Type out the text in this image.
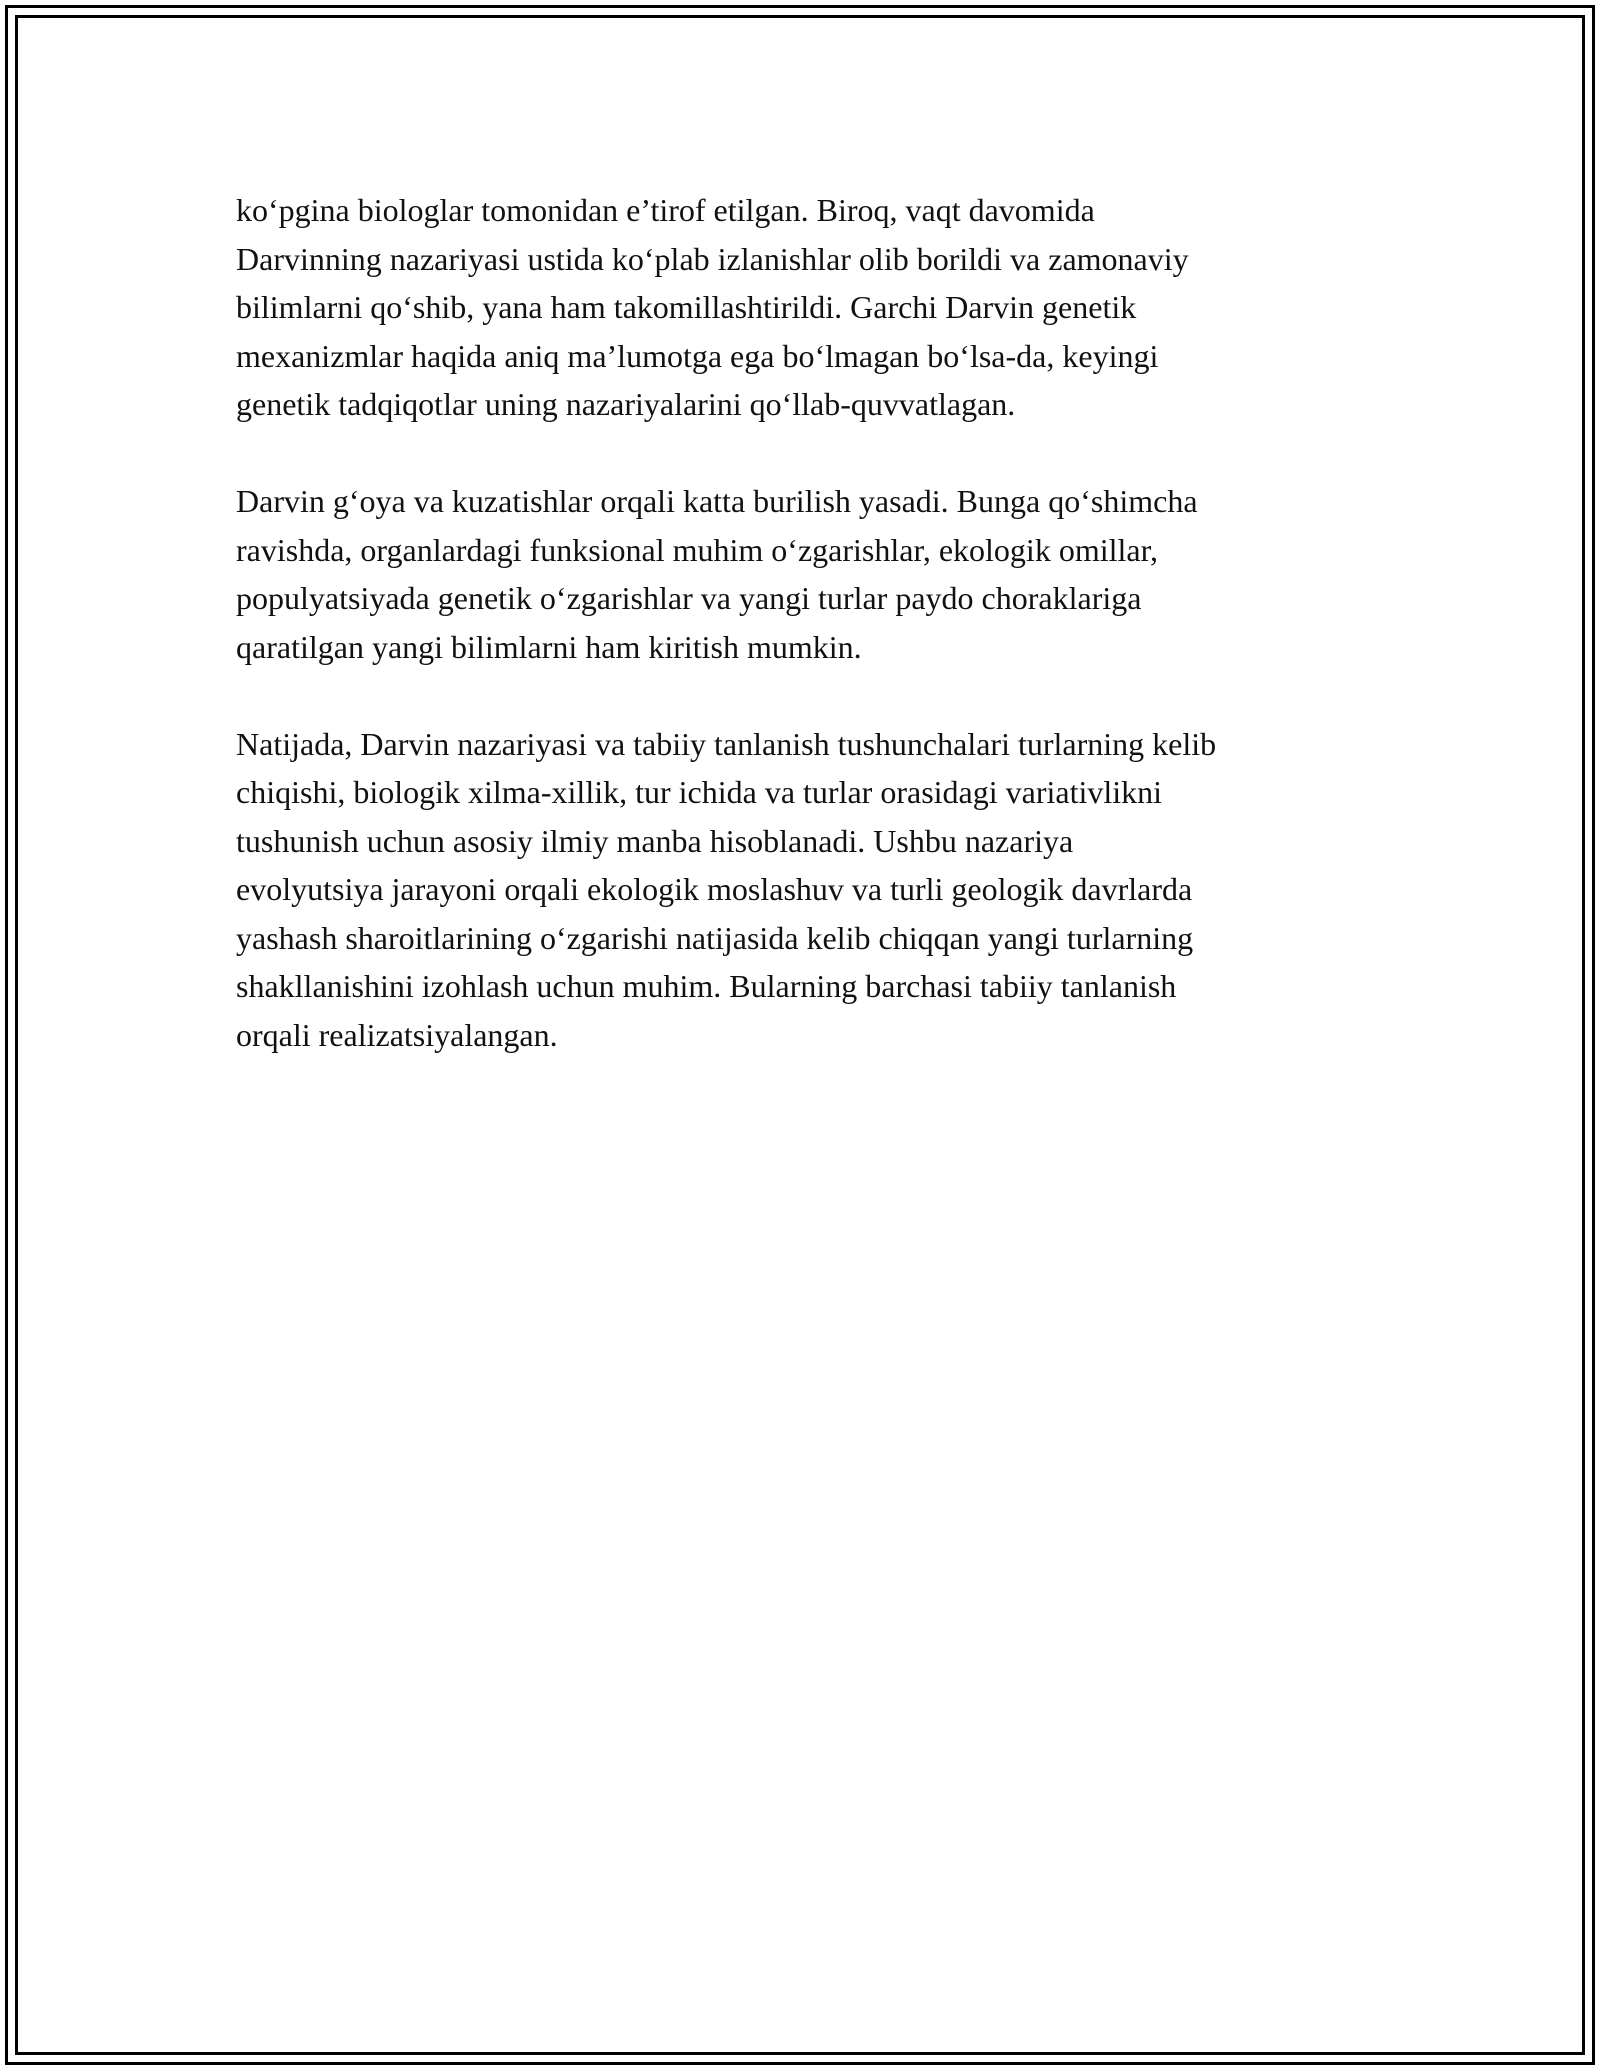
ko‘pgina biologlar tomonidan e’tirof etilgan. Biroq, vaqt davomida
Darvinning nazariyasi ustida ko‘plab izlanishlar olib borildi va zamonaviy
bilimlarni qo‘shib, yana ham takomillashtirildi. Garchi Darvin genetik
mexanizmlar haqida aniq ma’lumotga ega bo‘lmagan bo‘lsa-da, keyingi
genetik tadqiqotlar uning nazariyalarini qo‘llab-quvvatlagan.

Darvin g‘oya va kuzatishlar orqali katta burilish yasadi. Bunga qo‘shimcha
ravishda, organlardagi funksional muhim o‘zgarishlar, ekologik omillar,
populyatsiyada genetik o‘zgarishlar va yangi turlar paydo choraklariga
qaratilgan yangi bilimlarni ham kiritish mumkin.

Natijada, Darvin nazariyasi va tabiiy tanlanish tushunchalari turlarning kelib
chiqishi, biologik xilma-xillik, tur ichida va turlar orasidagi variativlikni
tushunish uchun asosiy ilmiy manba hisoblanadi. Ushbu nazariya
evolyutsiya jarayoni orqali ekologik moslashuv va turli geologik davrlarda
yashash sharoitlarining o‘zgarishi natijasida kelib chiqqan yangi turlarning
shakllanishini izohlash uchun muhim. Bularning barchasi tabiiy tanlanish
orqali realizatsiyalangan.
